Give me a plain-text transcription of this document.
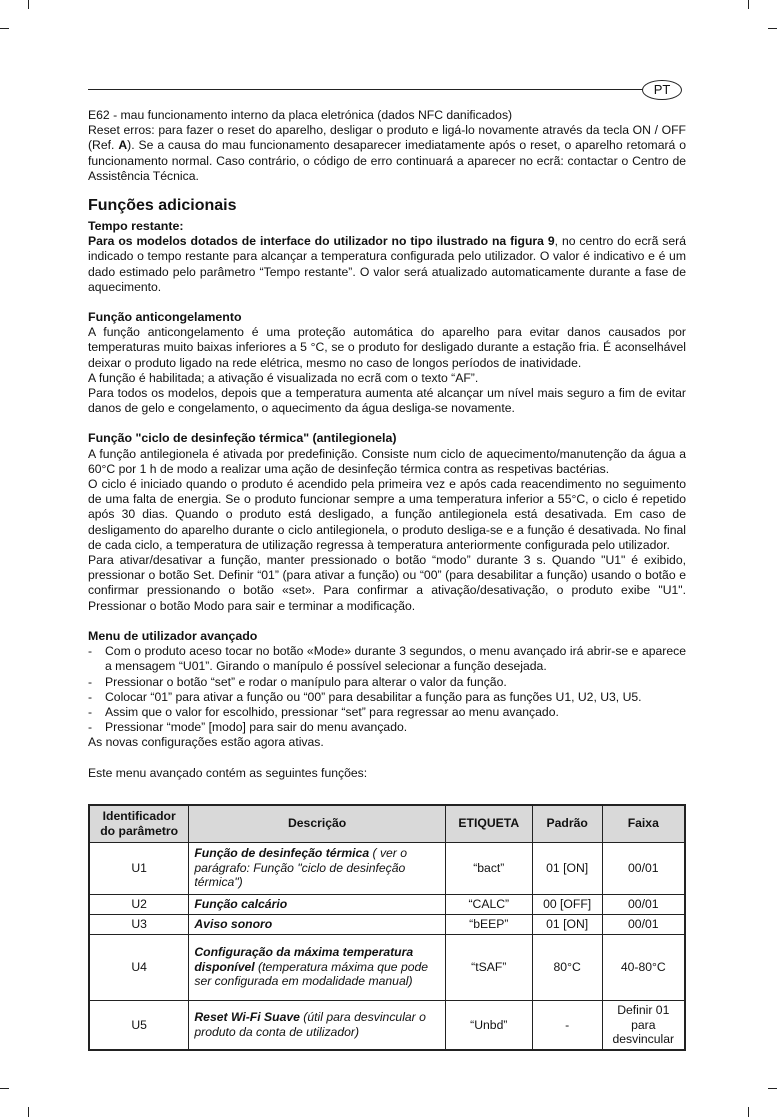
PT

E62 - mau funcionamento interno da placa eletrónica (dados NFC danificados)

Reset erros: para fazer o reset do aparelho, desligar o produto e ligá-lo novamente através da tecla ON / OFF (Ref. A). Se a causa do mau funcionamento desaparecer imediatamente após o reset, o aparelho retomará o funcionamento normal. Caso contrário, o código de erro continuará a aparecer no ecrã: contactar o Centro de Assistência Técnica.

Funções adicionais
Tempo restante:

Para os modelos dotados de interface do utilizador no tipo ilustrado na figura 9, no centro do ecrã será indicado o tempo restante para alcançar a temperatura configurada pelo utilizador. O valor é indicativo e é um dado estimado pelo parâmetro “Tempo restante”. O valor será atualizado automaticamente durante a fase de aquecimento.

Função anticongelamento

A função anticongelamento é uma proteção automática do aparelho para evitar danos causados por temperaturas muito baixas inferiores a 5 °C, se o produto for desligado durante a estação fria. É aconselhável deixar o produto ligado na rede elétrica, mesmo no caso de longos períodos de inatividade.

A função é habilitada; a ativação é visualizada no ecrã com o texto “AF”.

Para todos os modelos, depois que a temperatura aumenta até alcançar um nível mais seguro a fim de evitar danos de gelo e congelamento, o aquecimento da água desliga-se novamente.

Função "ciclo de desinfeção térmica" (antilegionela)

A função antilegionela é ativada por predefinição. Consiste num ciclo de aquecimento/manutenção da água a 60°C por 1 h de modo a realizar uma ação de desinfeção térmica contra as respetivas bactérias.

O ciclo é iniciado quando o produto é acendido pela primeira vez e após cada reacendimento no seguimento de uma falta de energia. Se o produto funcionar sempre a uma temperatura inferior a 55°C, o ciclo é repetido após 30 dias. Quando o produto está desligado, a função antilegionela está desativada. Em caso de desligamento do aparelho durante o ciclo antilegionela, o produto desliga-se e a função é desativada. No final de cada ciclo, a temperatura de utilização regressa à temperatura anteriormente configurada pelo utilizador.

Para ativar/desativar a função, manter pressionado o botão “modo” durante 3 s. Quando "U1" é exibido, pressionar o botão Set. Definir “01” (para ativar a função) ou “00” (para desabilitar a função) usando o botão e confirmar pressionando o botão «set». Para confirmar a ativação/desativação, o produto exibe "U1". Pressionar o botão Modo para sair e terminar a modificação.

Menu de utilizador avançado
- Com o produto aceso tocar no botão «Mode» durante 3 segundos, o menu avançado irá abrir-se e aparece a mensagem “U01”. Girando o manípulo é possível selecionar a função desejada.
- Pressionar o botão “set” e rodar o manípulo para alterar o valor da função.
- Colocar “01” para ativar a função ou “00” para desabilitar a função para as funções U1, U2, U3, U5.
- Assim que o valor for escolhido, pressionar “set” para regressar ao menu avançado.
- Pressionar “mode” [modo] para sair do menu avançado.

As novas configurações estão agora ativas.

Este menu avançado contém as seguintes funções:

Identificador do parâmetro	Descrição	ETIQUETA	Padrão	Faixa
U1	Função de desinfeção térmica ( ver o parágrafo: Função "ciclo de desinfeção térmica")	“bact”	01 [ON]	00/01
U2	Função calcário	“CALC”	00 [OFF]	00/01
U3	Aviso sonoro	“bEEP”	01 [ON]	00/01
U4	Configuração da máxima temperatura disponível (temperatura máxima que pode ser configurada em modalidade manual)	“tSAF”	80°C	40-80°C
U5	Reset Wi-Fi Suave (útil para desvincular o produto da conta de utilizador)	“Unbd”	-	Definir 01 para desvincular
